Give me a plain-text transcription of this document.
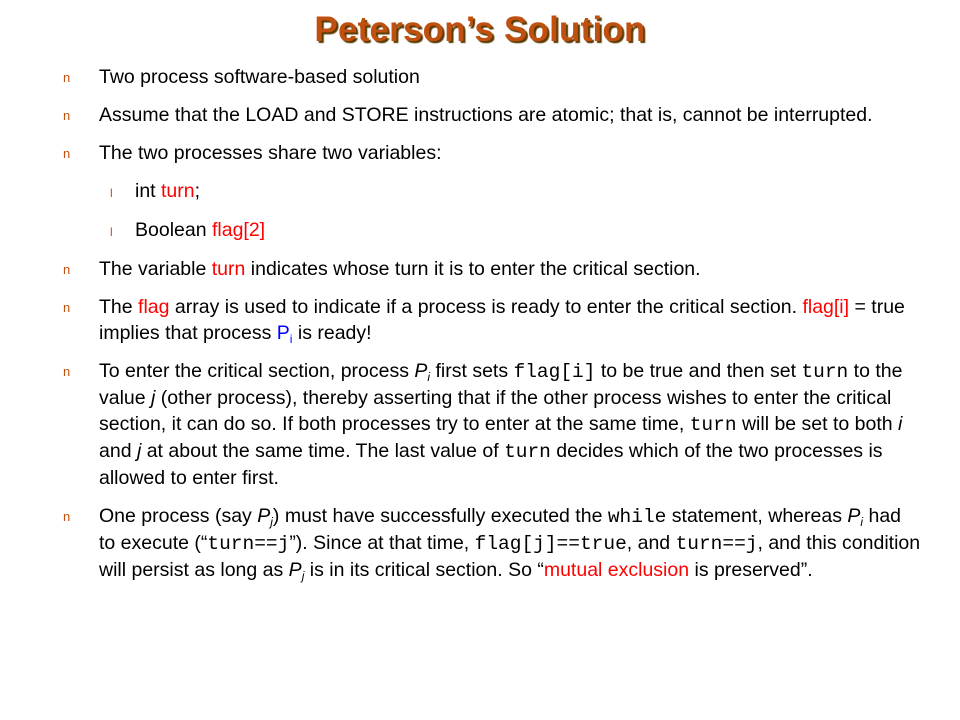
Peterson’s Solution
n Two process software-based solution
n Assume that the LOAD and STORE instructions are atomic; that is, cannot be interrupted.
n The two processes share two variables:
l int turn;
l Boolean flag[2]
n The variable turn indicates whose turn it is to enter the critical section.
n The flag array is used to indicate if a process is ready to enter the critical section. flag[i] = true implies that process $P_i$ is ready!
n To enter the critical section, process $P_i$ first sets flag[i] to be true and then set turn to the value j (other process), thereby asserting that if the other process wishes to enter the critical section, it can do so. If both processes try to enter at the same time, turn will be set to both i and j at about the same time. The last value of turn decides which of the two processes is allowed to enter first.
n One process (say $P_j$) must have successfully executed the while statement, whereas $P_i$ had to execute (“turn==j”). Since at that time, flag[j]==true, and turn==j, and this condition will persist as long as $P_j$ is in its critical section. So “mutual exclusion is preserved”.
